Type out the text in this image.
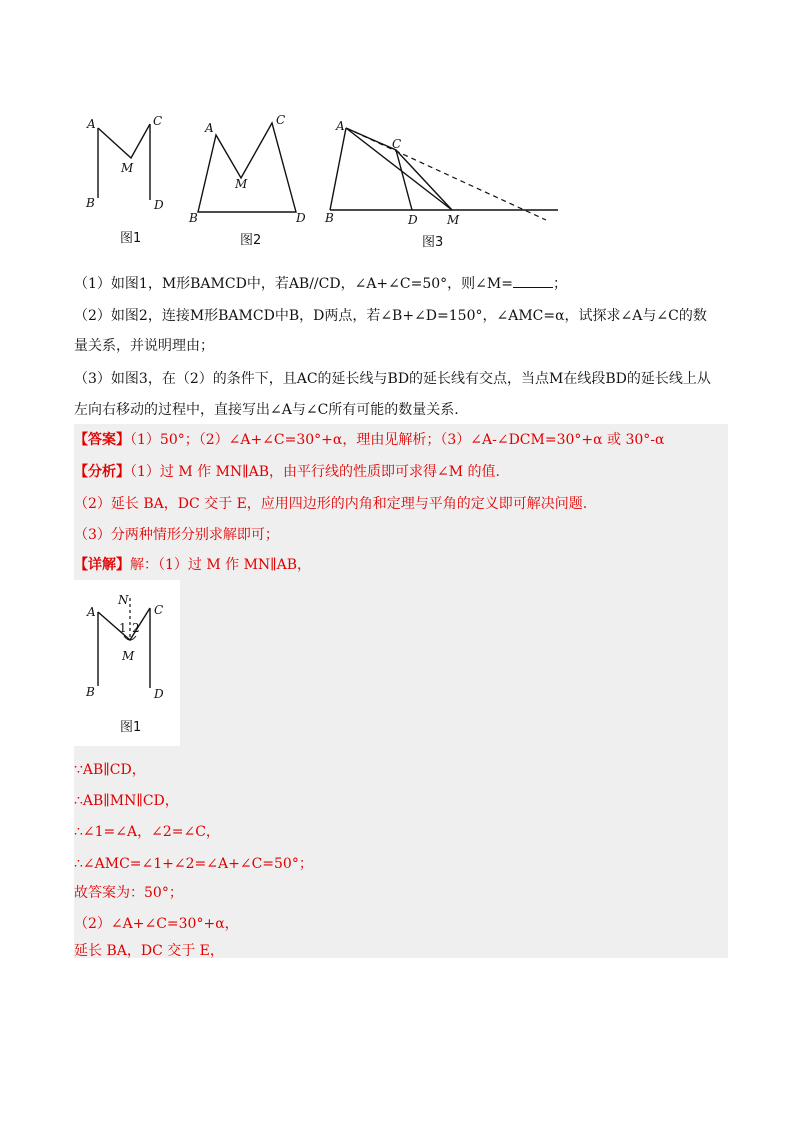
A	C
M
B	D
图1
A
C
M
B	D
图2
A
C
B	D M
图3
（1）如图1，M形BAMCD中，若AB//CD，∠A+∠C=50°，则∠M=	；
（2）如图2，连接M形BAMCD中B，D两点，若∠B+∠D=150°，∠AMC=α，试探求∠A与∠C的数
量关系，并说明理由；
（3）如图3，在（2）的条件下，且AC的延长线与BD的延长线有交点，当点M在线段BD的延长线上从
左向右移动的过程中，直接写出∠A与∠C所有可能的数量关系.
【答案】（1）50°；（2）∠A+∠C=30°+α，理由见解析；（3）∠A-∠DCM=30°+α 或 30°-α
【分析】（1）过 M 作 MN∥AB，由平行线的性质即可求得∠M 的值.
（2）延长 BA，DC 交于 E，应用四边形的内角和定理与平角的定义即可解决问题.
（3）分两种情形分别求解即可；
【详解】解：（1）过 M 作 MN∥AB，
N
A	C
1 2
M
B	D
图1
∵AB∥CD，
∴AB∥MN∥CD，
∴∠1=∠A，∠2=∠C，
∴∠AMC=∠1+∠2=∠A+∠C=50°；
故答案为：50°；
（2）∠A+∠C=30°+α，
延长 BA，DC 交于 E，
